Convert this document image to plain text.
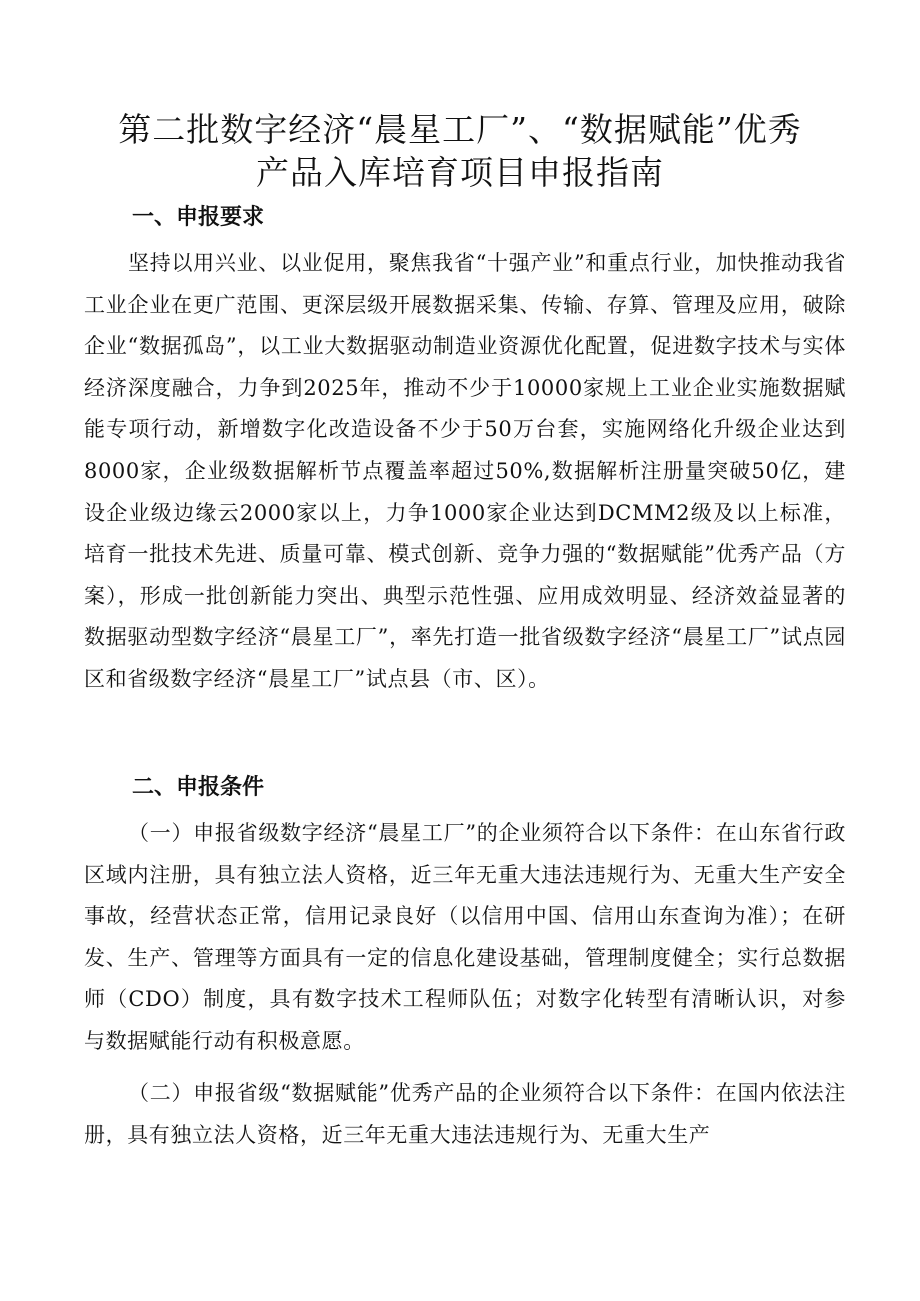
第二批数字经济“晨星工厂”、“数据赋能”优秀
产品入库培育项目申报指南
一、申报要求
坚持以用兴业、以业促用，聚焦我省“十强产业”和重点行业，加快推动我省工业企业在更广范围、更深层级开展数据采集、传输、存算、管理及应用，破除企业“数据孤岛”，以工业大数据驱动制造业资源优化配置，促进数字技术与实体经济深度融合，力争到2025年，推动不少于10000家规上工业企业实施数据赋能专项行动，新增数字化改造设备不少于50万台套，实施网络化升级企业达到8000家，企业级数据解析节点覆盖率超过50%,数据解析注册量突破50亿，建设企业级边缘云2000家以上，力争1000家企业达到DCMM2级及以上标准，培育一批技术先进、质量可靠、模式创新、竞争力强的“数据赋能”优秀产品（方案），形成一批创新能力突出、典型示范性强、应用成效明显、经济效益显著的数据驱动型数字经济“晨星工厂”，率先打造一批省级数字经济“晨星工厂”试点园区和省级数字经济“晨星工厂”试点县（市、区）。
二、申报条件
（一）申报省级数字经济“晨星工厂”的企业须符合以下条件：在山东省行政区域内注册，具有独立法人资格，近三年无重大违法违规行为、无重大生产安全事故，经营状态正常，信用记录良好（以信用中国、信用山东查询为准）；在研发、生产、管理等方面具有一定的信息化建设基础，管理制度健全；实行总数据师（CDO）制度，具有数字技术工程师队伍；对数字化转型有清晰认识，对参与数据赋能行动有积极意愿。
（二）申报省级“数据赋能”优秀产品的企业须符合以下条件：在国内依法注册，具有独立法人资格，近三年无重大违法违规行为、无重大生产
